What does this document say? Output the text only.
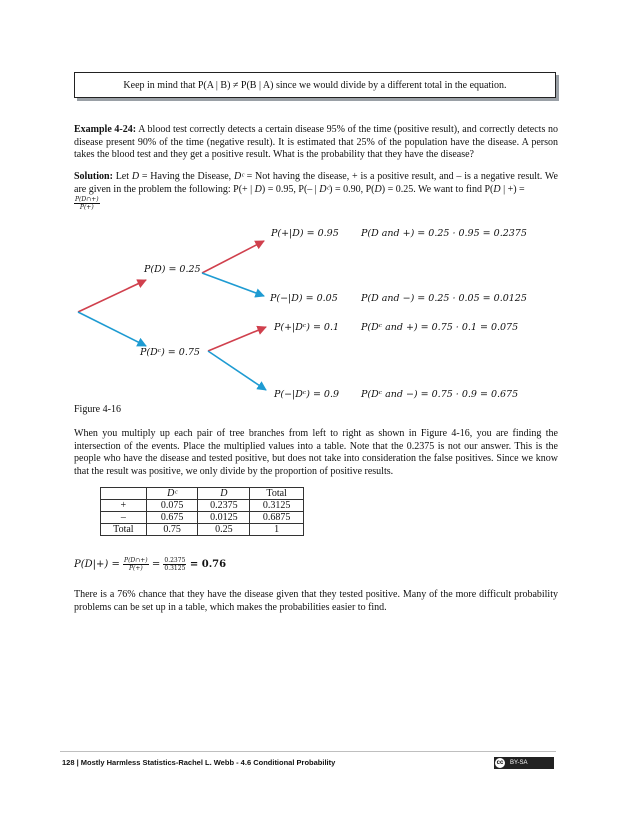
Keep in mind that P(A | B) ≠ P(B | A) since we would divide by a different total in the equation.
Example 4-24: A blood test correctly detects a certain disease 95% of the time (positive result), and correctly detects no disease present 90% of the time (negative result). It is estimated that 25% of the population have the disease. A person takes the blood test and they get a positive result. What is the probability that they have the disease?
Solution: Let D = Having the Disease, Dᶜ = Not having the disease, + is a positive result, and – is a negative result. We are given in the problem the following: P(+ | D) = 0.95, P(– | Dᶜ) = 0.90, P(D) = 0.25. We want to find P(D | +) =
$\frac{P(D\cap+)}{P(+)}$
P(D) = 0.25
P(Dᶜ) = 0.75
P(+|D) = 0.95
P(−|D) = 0.05
P(+|Dᶜ) = 0.1
P(−|Dᶜ) = 0.9
P(D and +) = 0.25 · 0.95 = 0.2375
P(D and −) = 0.25 · 0.05 = 0.0125
P(Dᶜ and +) = 0.75 · 0.1 = 0.075
P(Dᶜ and −) = 0.75 · 0.9 = 0.675
Figure 4-16
When you multiply up each pair of tree branches from left to right as shown in Figure 4-16, you are finding the intersection of the events. Place the multiplied values into a table. Note that the 0.2375 is not our answer. This is the people who have the disease and tested positive, but does not take into consideration the false positives. Since we know that the result was positive, we only divide by the proportion of positive results.
	Dᶜ	D	Total
+	0.075	0.2375	0.3125
–	0.675	0.0125	0.6875
Total	0.75	0.25	1
$P(D|+) = \frac{P(D\cap+)}{P(+)} = \frac{0.2375}{0.3125} = 0.76$
There is a 76% chance that they have the disease given that they tested positive. Many of the more difficult probability problems can be set up in a table, which makes the probabilities easier to find.
128 | Mostly Harmless Statistics-Rachel L. Webb - 4.6 Conditional Probability	cc	BY-SA
